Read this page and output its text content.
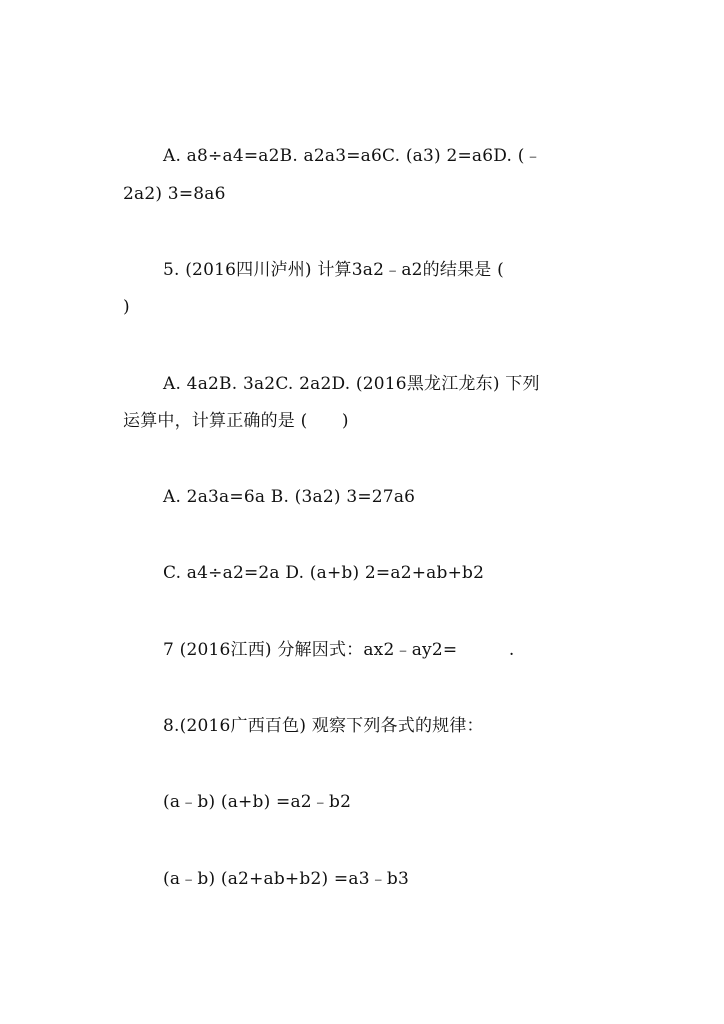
A. a8÷a4=a2B. a2a3=a6C. (a3) 2=a6D. (﹣
2a2) 3=8a6
5. (2016四川泸州) 计算3a2﹣a2的结果是 (
)
A. 4a2B. 3a2C. 2a2D. (2016黑龙江龙东) 下列
运算中，计算正确的是 (　　)
A. 2a3a=6a B. (3a2) 3=27a6
C. a4÷a2=2a D. (a+b) 2=a2+ab+b2
7 (2016江西) 分解因式：ax2﹣ay2=　　　.
8.(2016广西百色) 观察下列各式的规律：
(a﹣b) (a+b) =a2﹣b2
(a﹣b) (a2+ab+b2) =a3﹣b3
